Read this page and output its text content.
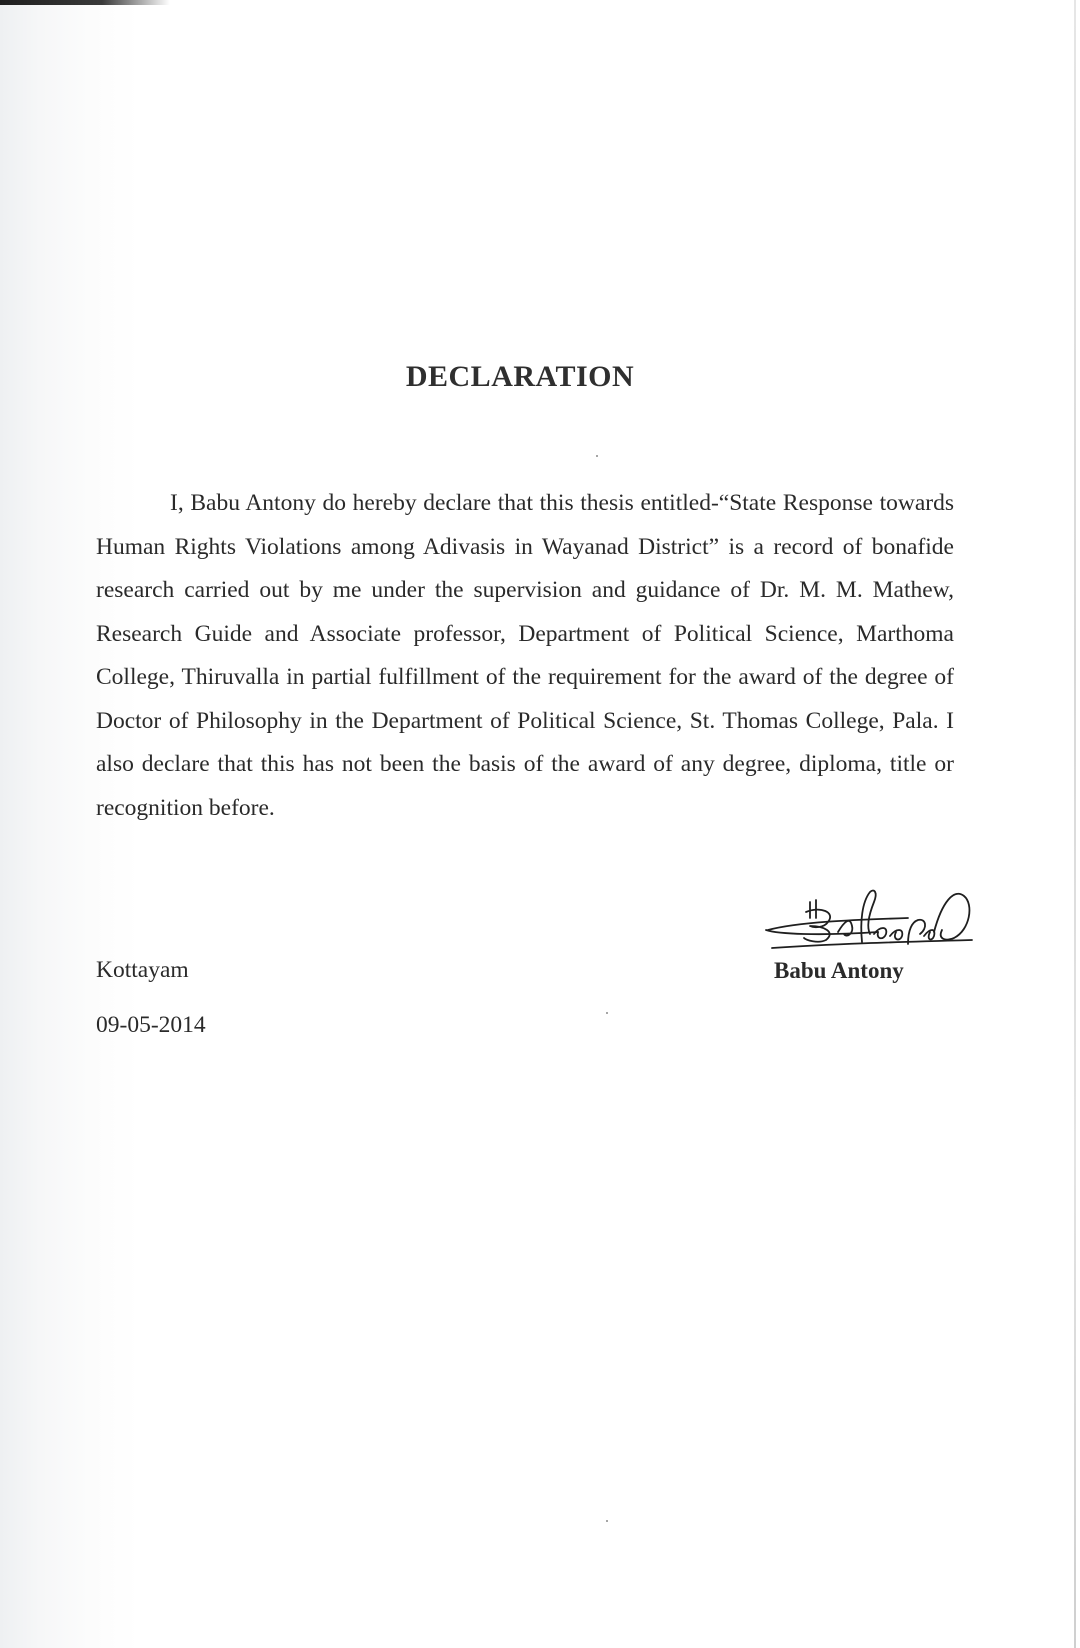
DECLARATION

I, Babu Antony do hereby declare that this thesis entitled-“State Response towards Human Rights Violations among Adivasis in Wayanad District” is a record of bonafide research carried out by me under the supervision and guidance of Dr. M. M. Mathew, Research Guide and Associate professor, Department of Political Science, Marthoma College, Thiruvalla in partial fulfillment of the requirement for the award of the degree of Doctor of Philosophy in the Department of Political Science, St. Thomas College, Pala. I also declare that this has not been the basis of the award of any degree, diploma, title or recognition before.

Kottayam
09-05-2014
Babu Antony
